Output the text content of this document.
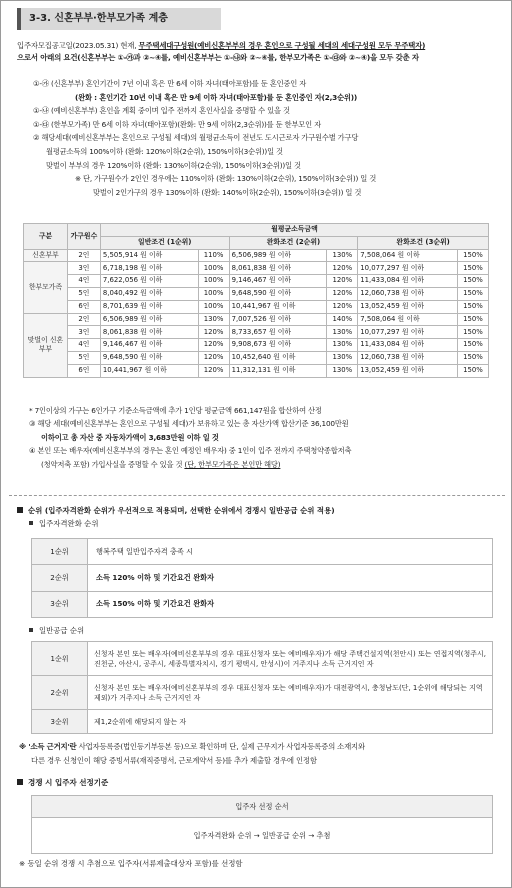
3-3. 신혼부부·한부모가족 계층

입주자모집공고일(2023.05.31) 현재, 무주택세대구성원(예비신혼부부의 경우 혼인으로 구성될 세대의 세대구성원 모두 무주택자)

으로서 아래의 요건(신혼부부는 ①-㉮과 ②~④를, 예비신혼부부는 ①-㉯와 ②~④를, 한부모가족은 ①-㉰와 ②~④)을 모두 갖춘 자

①-㉮ (신혼부부) 혼인기간이 7년 이내 혹은 만 6세 이하 자녀(태아포함)를 둔 혼인중인 자

(완화 : 혼인기간 10년 이내 혹은 만 9세 이하 자녀(태아포함)를 둔 혼인중인 자(2,3순위))

①-㉯ (예비신혼부부) 혼인을 계획 중이며 입주 전까지 혼인사실을 증명할 수 있을 것

①-㉰ (한부모가족) 만 6세 이하 자녀(태아포함)(완화: 만 9세 이하(2,3순위))를 둔 한부모인 자

② 해당세대(예비신혼부부는 혼인으로 구성될 세대)의 월평균소득이 전년도 도시근로자 가구원수별 가구당

월평균소득의 100%이하 (완화: 120%이하(2순위), 150%이하(3순위))일 것

맞벌이 부부의 경우 120%이하 (완화: 130%이하(2순위), 150%이하(3순위))일 것

※ 단, 가구원수가 2인인 경우에는 110%이하 (완화: 130%이하(2순위), 150%이하(3순위)) 일 것

맞벌이 2인가구의 경우 130%이하 (완화: 140%이하(2순위), 150%이하(3순위)) 일 것

구분	가구원수	월평균소득금액					
		일반조건 (1순위)		완화조건 (2순위)		완화조건 (3순위)	
신혼부부	2인	5,505,914 원 이하	110%	6,506,989 원 이하	130%	7,508,064 원 이하	150%
한부모가족	3인	6,718,198 원 이하	100%	8,061,838 원 이하	120%	10,077,297 원 이하	150%
	4인	7,622,056 원 이하	100%	9,146,467 원 이하	120%	11,433,084 원 이하	150%
	5인	8,040,492 원 이하	100%	9,648,590 원 이하	120%	12,060,738 원 이하	150%
	6인	8,701,639 원 이하	100%	10,441,967 원 이하	120%	13,052,459 원 이하	150%
맞벌이 신혼부부	2인	6,506,989 원 이하	130%	7,007,526 원 이하	140%	7,508,064 원 이하	150%
	3인	8,061,838 원 이하	120%	8,733,657 원 이하	130%	10,077,297 원 이하	150%
	4인	9,146,467 원 이하	120%	9,908,673 원 이하	130%	11,433,084 원 이하	150%
	5인	9,648,590 원 이하	120%	10,452,640 원 이하	130%	12,060,738 원 이하	150%
	6인	10,441,967 원 이하	120%	11,312,131 원 이하	130%	13,052,459 원 이하	150%

* 7인이상의 가구는 6인가구 기준소득금액에 추가 1인당 평균금액 661,147원을 합산하여 산정

③ 해당 세대(예비신혼부부는 혼인으로 구성될 세대)가 보유하고 있는 총 자산가액 합산기준 36,100만원

이하이고 총 자산 중 자동차가액이 3,683만원 이하 일 것

④ 본인 또는 배우자(예비신혼부부의 경우는 혼인 예정인 배우자) 중 1인이 입주 전까지 주택청약종합저축

(청약저축 포함) 가입사실을 증명할 수 있을 것 (단, 한부모가족은 본인만 해당)

순위 (입주자격완화 순위가 우선적으로 적용되며, 선택한 순위에서 경쟁시 일반공급 순위 적용)

입주자격완화 순위

1순위	행복주택 일반입주자격 충족 시
2순위	소득 120% 이하 및 기간요건 완화자
3순위	소득 150% 이하 및 기간요건 완화자
일반공급 순위
1순위	신청자 본인 또는 배우자(예비신혼부부의 경우 대표신청자 또는 예비배우자)가 해당 주택건설지역(천안시) 또는 연접지역(청주시, 진천군, 아산시, 공주시, 세종특별자치시, 경기 평택시, 안성시)이 거주지나 소득 근거지인 자
2순위	신청자 본인 또는 배우자(예비신혼부부의 경우 대표신청자 또는 예비배우자)가 대전광역시, 충청남도(단, 1순위에 해당되는 지역 제외)가 거주지나 소득 근거지인 자
3순위	제1,2순위에 해당되지 않는 자

※ '소득 근거지'란 사업자등록증(법인등기부등본 등)으로 확인하며 단, 실제 근무지가 사업자등록증의 소재지와

다른 경우 신청인이 해당 증빙서류(재직증명서, 근로계약서 등)를 추가 제출할 경우에 인정함

경쟁 시 입주자 선정기준
입주자 선정 순서
입주자격완화 순위 → 일반공급 순위 → 추첨
※ 동일 순위 경쟁 시 추첨으로 입주자(서류제출대상자 포함)를 선정함
